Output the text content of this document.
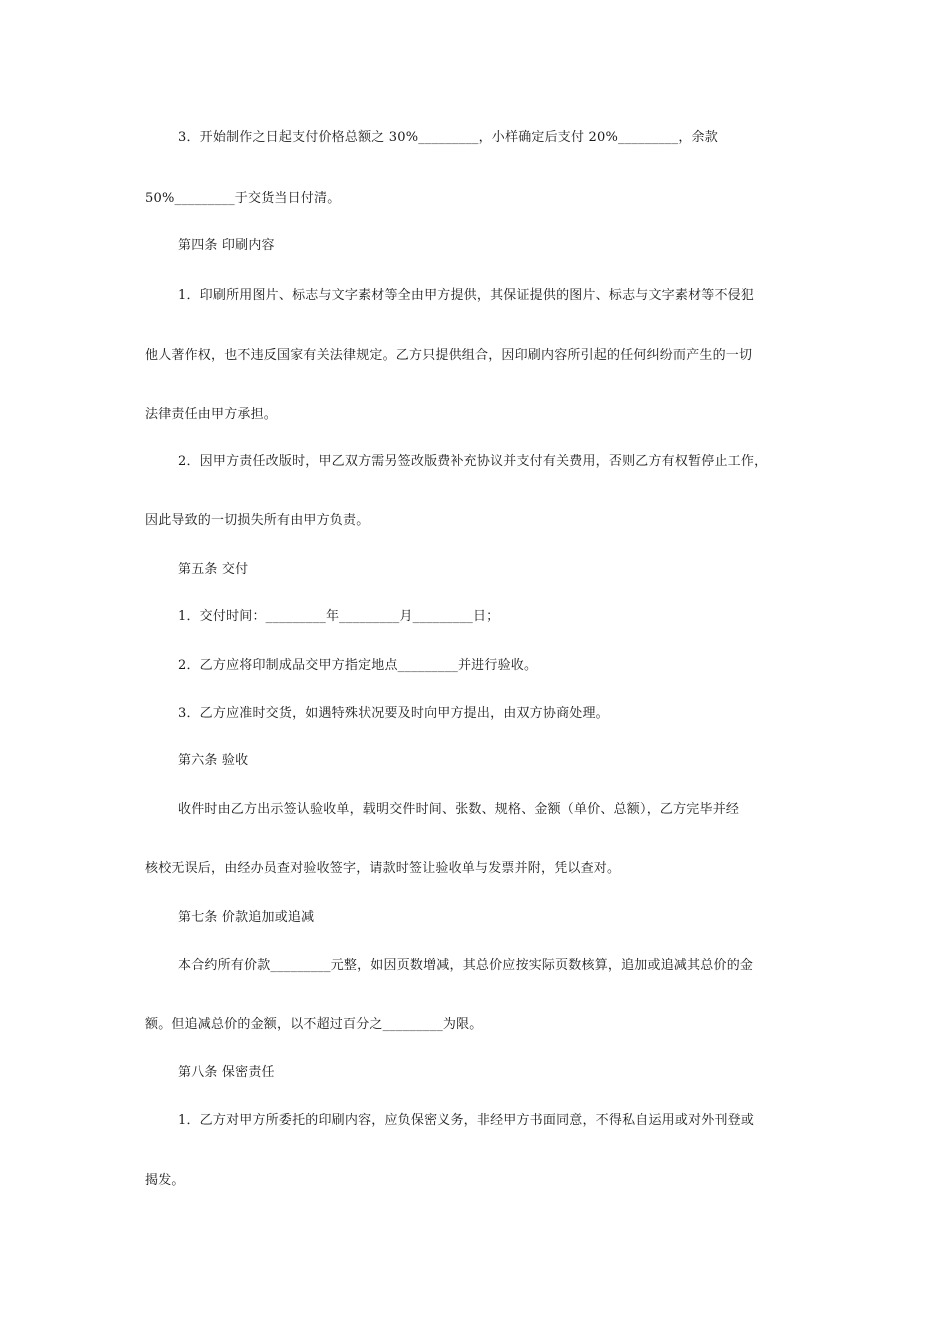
3．开始制作之日起支付价格总额之 30%_________，小样确定后支付 20%_________，余款
50%_________于交货当日付清。
第四条 印刷内容
1．印刷所用图片、标志与文字素材等全由甲方提供，其保证提供的图片、标志与文字素材等不侵犯
他人著作权，也不违反国家有关法律规定。乙方只提供组合，因印刷内容所引起的任何纠纷而产生的一切
法律责任由甲方承担。
2．因甲方责任改版时，甲乙双方需另签改版费补充协议并支付有关费用，否则乙方有权暂停止工作，
因此导致的一切损失所有由甲方负责。
第五条 交付
1．交付时间：_________年_________月_________日；
2．乙方应将印制成品交甲方指定地点_________并进行验收。
3．乙方应准时交货，如遇特殊状况要及时向甲方提出，由双方协商处理。
第六条 验收
收件时由乙方出示签认验收单，载明交件时间、张数、规格、金额（单价、总额），乙方完毕并经
核校无误后，由经办员查对验收签字，请款时签让验收单与发票并附，凭以查对。
第七条 价款追加或追减
本合约所有价款_________元整，如因页数增减，其总价应按实际页数核算，追加或追减其总价的金
额。但追减总价的金额，以不超过百分之_________为限。
第八条 保密责任
1．乙方对甲方所委托的印刷内容，应负保密义务，非经甲方书面同意，不得私自运用或对外刊登或
揭发。
